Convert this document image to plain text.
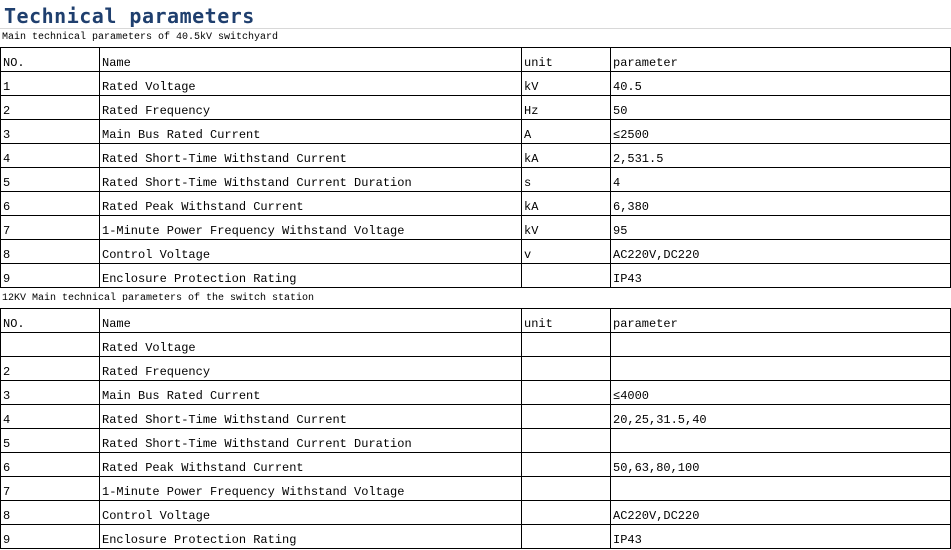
Technical parameters
Main technical parameters of 40.5kV switchyard
NO.	Name	unit	parameter
1	Rated Voltage	kV	40.5
2	Rated Frequency	Hz	50
3	Main Bus Rated Current	A	≤2500
4	Rated Short-Time Withstand Current	kA	2,531.5
5	Rated Short-Time Withstand Current Duration	s	4
6	Rated Peak Withstand Current	kA	6,380
7	1-Minute Power Frequency Withstand Voltage	kV	95
8	Control Voltage	v	AC220V,DC220
9	Enclosure Protection Rating		IP43
12KV Main technical parameters of the switch station
NO.	Name	unit	parameter
	Rated Voltage		
2	Rated Frequency		
3	Main Bus Rated Current		≤4000
4	Rated Short-Time Withstand Current		20,25,31.5,40
5	Rated Short-Time Withstand Current Duration		
6	Rated Peak Withstand Current		50,63,80,100
7	1-Minute Power Frequency Withstand Voltage		
8	Control Voltage		AC220V,DC220
9	Enclosure Protection Rating		IP43
